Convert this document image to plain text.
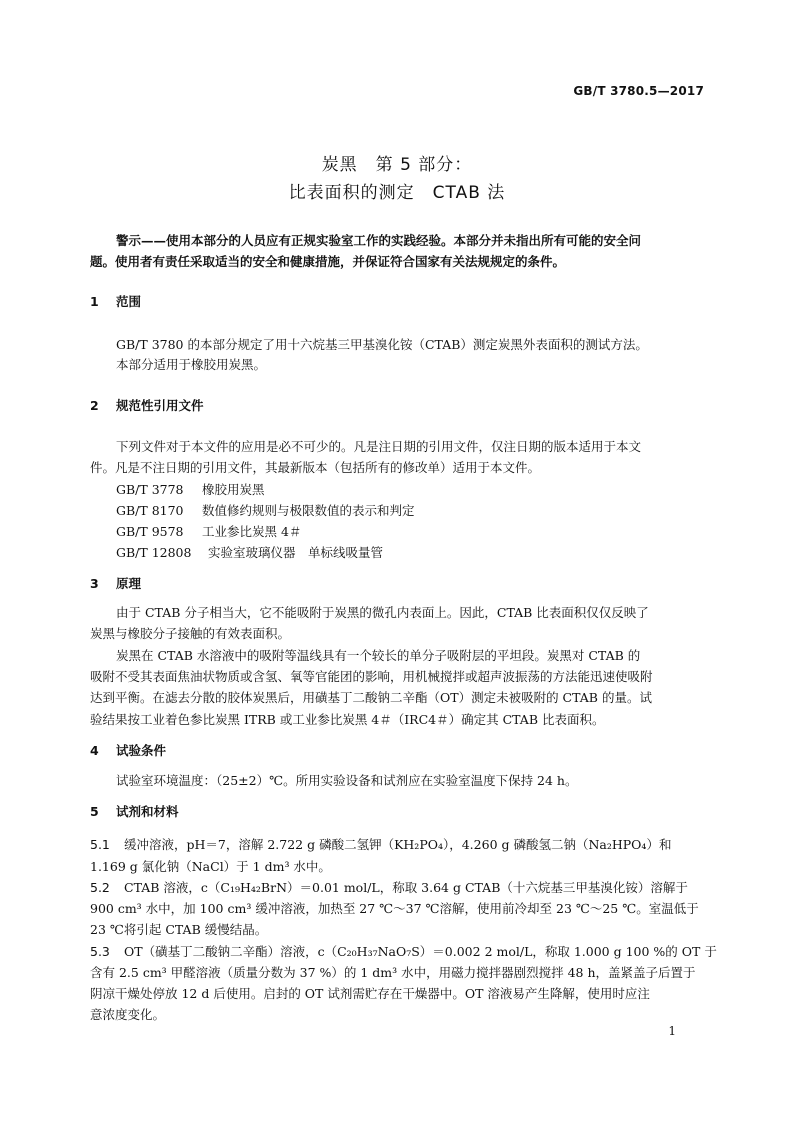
GB/T 3780.5—2017
炭黑　第 5 部分：
比表面积的测定　CTAB 法
警示——使用本部分的人员应有正规实验室工作的实践经验。本部分并未指出所有可能的安全问
题。使用者有责任采取适当的安全和健康措施，并保证符合国家有关法规规定的条件。
1 范围
GB/T 3780 的本部分规定了用十六烷基三甲基溴化铵（CTAB）测定炭黑外表面积的测试方法。
本部分适用于橡胶用炭黑。
2 规范性引用文件
下列文件对于本文件的应用是必不可少的。凡是注日期的引用文件，仅注日期的版本适用于本文
件。凡是不注日期的引用文件，其最新版本（包括所有的修改单）适用于本文件。
GB/T 3778 橡胶用炭黑
GB/T 8170 数值修约规则与极限数值的表示和判定
GB/T 9578 工业参比炭黑 4＃
GB/T 12808 实验室玻璃仪器　单标线吸量管
3 原理
由于 CTAB 分子相当大，它不能吸附于炭黑的微孔内表面上。因此，CTAB 比表面积仅仅反映了
炭黑与橡胶分子接触的有效表面积。
炭黑在 CTAB 水溶液中的吸附等温线具有一个较长的单分子吸附层的平坦段。炭黑对 CTAB 的
吸附不受其表面焦油状物质或含氢、氧等官能团的影响，用机械搅拌或超声波振荡的方法能迅速使吸附
达到平衡。在滤去分散的胶体炭黑后，用磺基丁二酸钠二辛酯（OT）测定未被吸附的 CTAB 的量。试
验结果按工业着色参比炭黑 ITRB 或工业参比炭黑 4＃（IRC4＃）确定其 CTAB 比表面积。
4 试验条件
试验室环境温度：（25±2）℃。所用实验设备和试剂应在实验室温度下保持 24 h。
5 试剂和材料
5.1 缓冲溶液，pH＝7，溶解 2.722 g 磷酸二氢钾（KH₂PO₄），4.260 g 磷酸氢二钠（Na₂HPO₄）和
1.169 g 氯化钠（NaCl）于 1 dm³ 水中。
5.2 CTAB 溶液，c（C₁₉H₄₂BrN）＝0.01 mol/L，称取 3.64 g CTAB（十六烷基三甲基溴化铵）溶解于
900 cm³ 水中，加 100 cm³ 缓冲溶液，加热至 27 ℃～37 ℃溶解，使用前冷却至 23 ℃～25 ℃。室温低于
23 ℃将引起 CTAB 缓慢结晶。
5.3 OT（磺基丁二酸钠二辛酯）溶液，c（C₂₀H₃₇NaO₇S）＝0.002 2 mol/L，称取 1.000 g 100 %的 OT 于
含有 2.5 cm³ 甲醛溶液（质量分数为 37 %）的 1 dm³ 水中，用磁力搅拌器剧烈搅拌 48 h，盖紧盖子后置于
阴凉干燥处停放 12 d 后使用。启封的 OT 试剂需贮存在干燥器中。OT 溶液易产生降解，使用时应注
意浓度变化。
1
